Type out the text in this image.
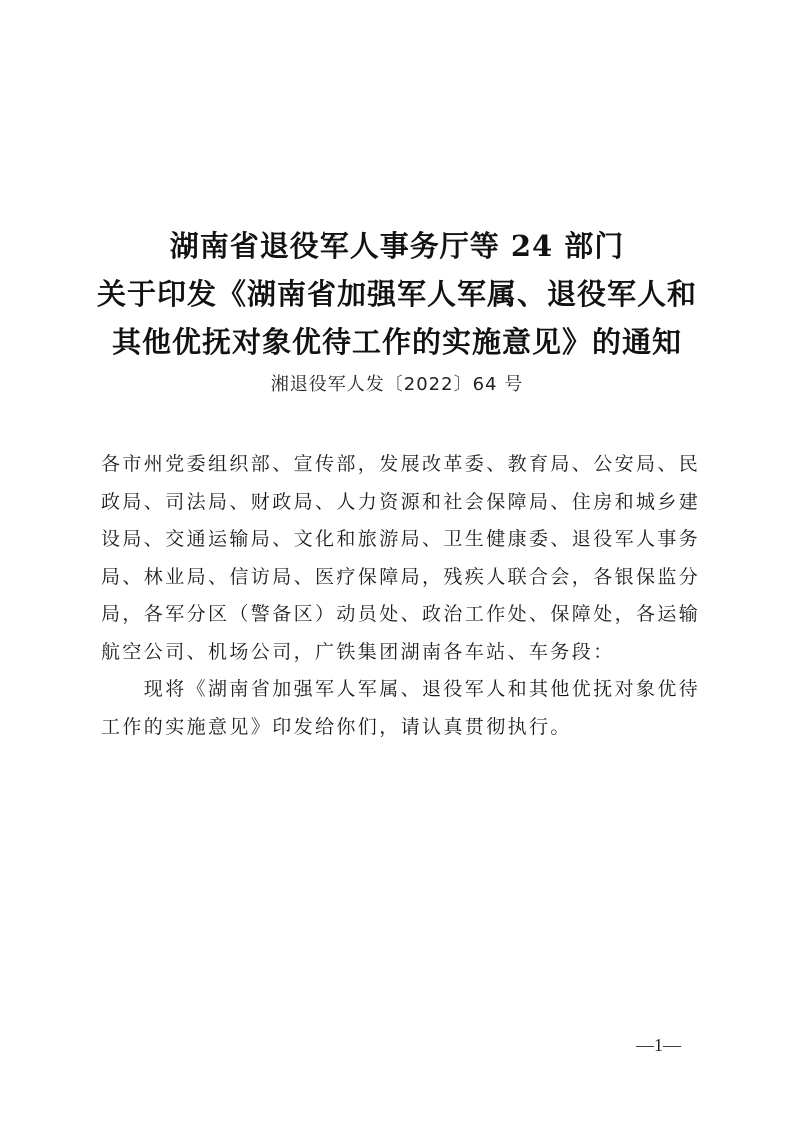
湖南省退役军人事务厅等 24 部门
关于印发《湖南省加强军人军属、退役军人和
其他优抚对象优待工作的实施意见》的通知
湘退役军人发〔2022〕64 号
各市州党委组织部、宣传部，发展改革委、教育局、公安局、民
政局、司法局、财政局、人力资源和社会保障局、住房和城乡建
设局、交通运输局、文化和旅游局、卫生健康委、退役军人事务
局、林业局、信访局、医疗保障局，残疾人联合会，各银保监分
局，各军分区（警备区）动员处、政治工作处、保障处，各运输
航空公司、机场公司，广铁集团湖南各车站、车务段：
　　现将《湖南省加强军人军属、退役军人和其他优抚对象优待
工作的实施意见》印发给你们，请认真贯彻执行。
—1—
